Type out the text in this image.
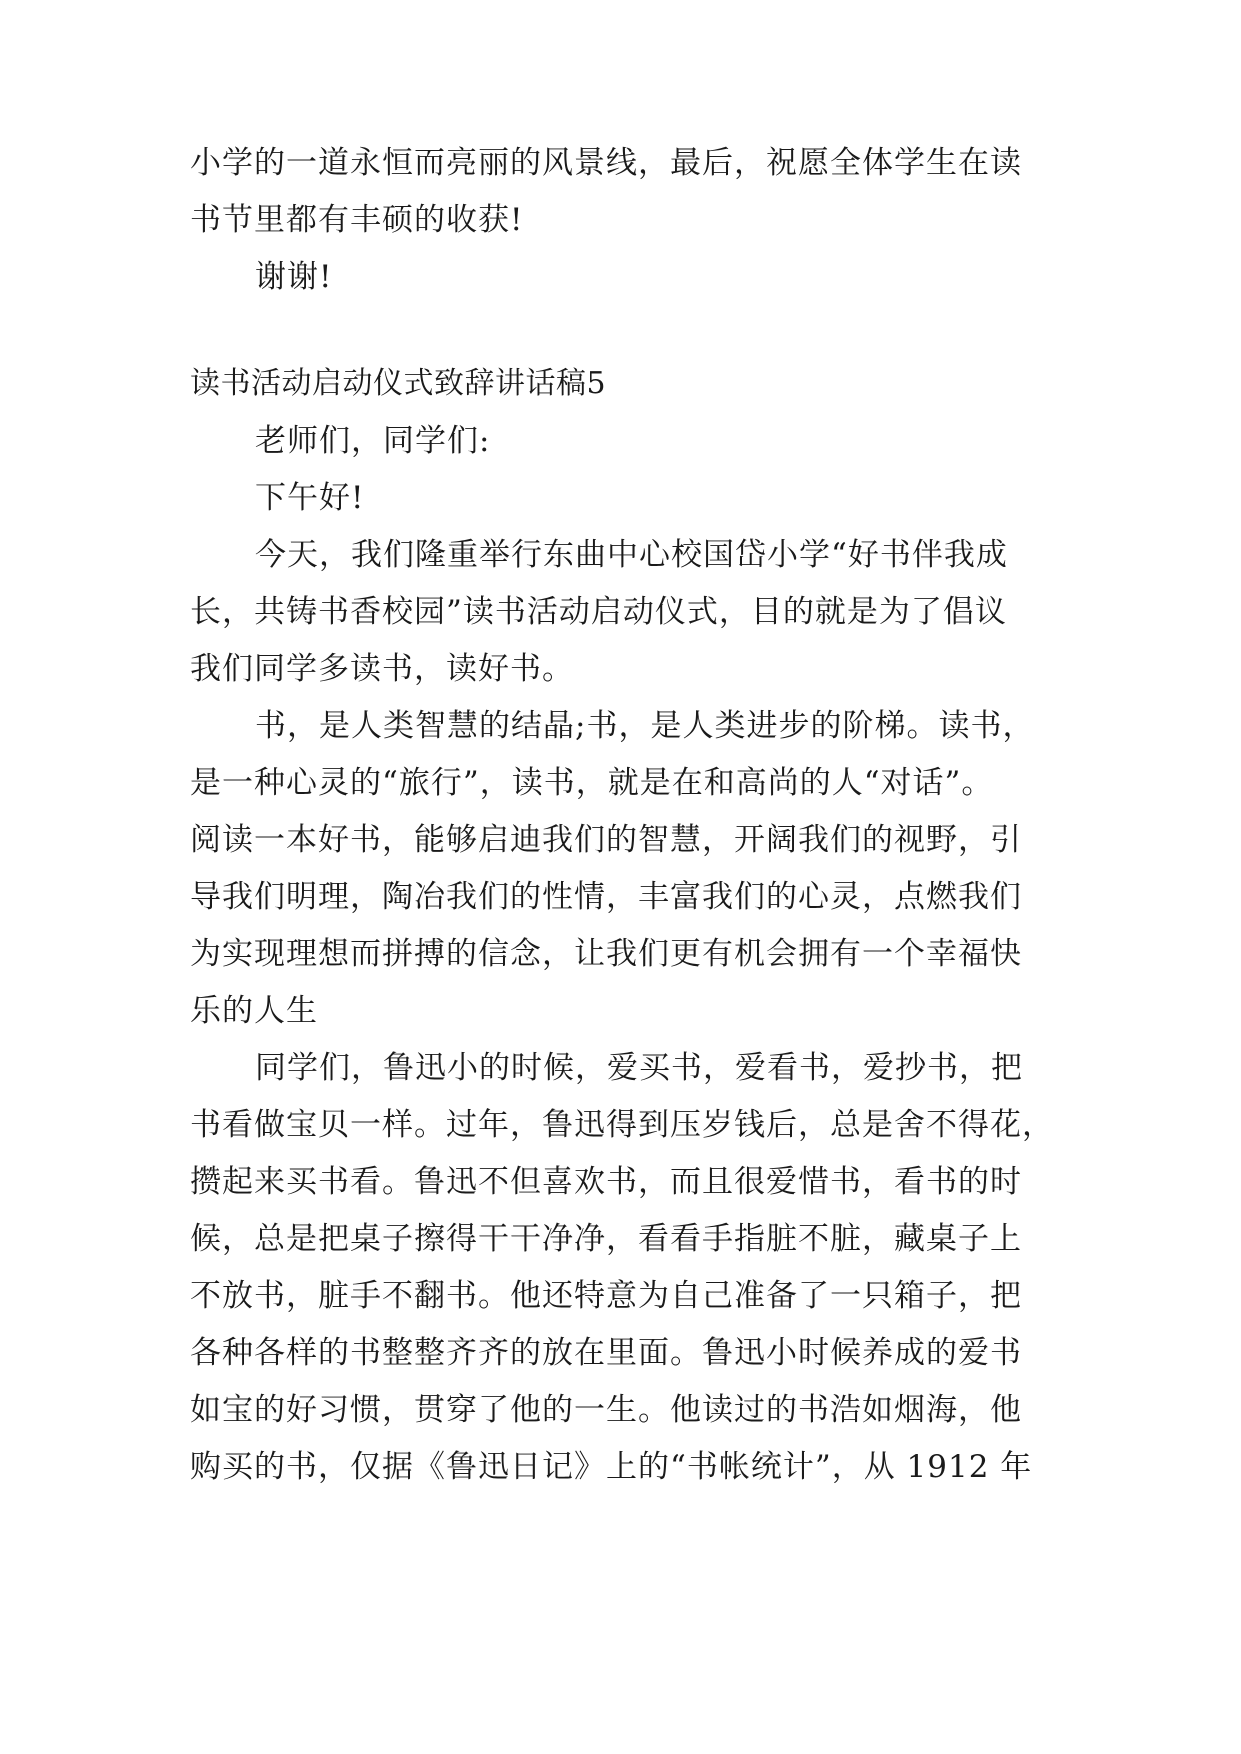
小学的一道永恒而亮丽的风景线，最后，祝愿全体学生在读
书节里都有丰硕的收获!
谢谢!
读书活动启动仪式致辞讲话稿5
老师们，同学们:
下午好!
今天，我们隆重举行东曲中心校国岱小学“好书伴我成
长，共铸书香校园”读书活动启动仪式，目的就是为了倡议
我们同学多读书，读好书。
书，是人类智慧的结晶;书，是人类进步的阶梯。读书，
是一种心灵的“旅行”，读书，就是在和高尚的人“对话”。
阅读一本好书，能够启迪我们的智慧，开阔我们的视野，引
导我们明理，陶冶我们的性情，丰富我们的心灵，点燃我们
为实现理想而拼搏的信念，让我们更有机会拥有一个幸福快
乐的人生
同学们，鲁迅小的时候，爱买书，爱看书，爱抄书，把
书看做宝贝一样。过年，鲁迅得到压岁钱后，总是舍不得花，
攒起来买书看。鲁迅不但喜欢书，而且很爱惜书，看书的时
候，总是把桌子擦得干干净净，看看手指脏不脏，藏桌子上
不放书，脏手不翻书。他还特意为自己准备了一只箱子，把
各种各样的书整整齐齐的放在里面。鲁迅小时候养成的爱书
如宝的好习惯，贯穿了他的一生。他读过的书浩如烟海，他
购买的书，仅据《鲁迅日记》上的“书帐统计”，从 1912 年
